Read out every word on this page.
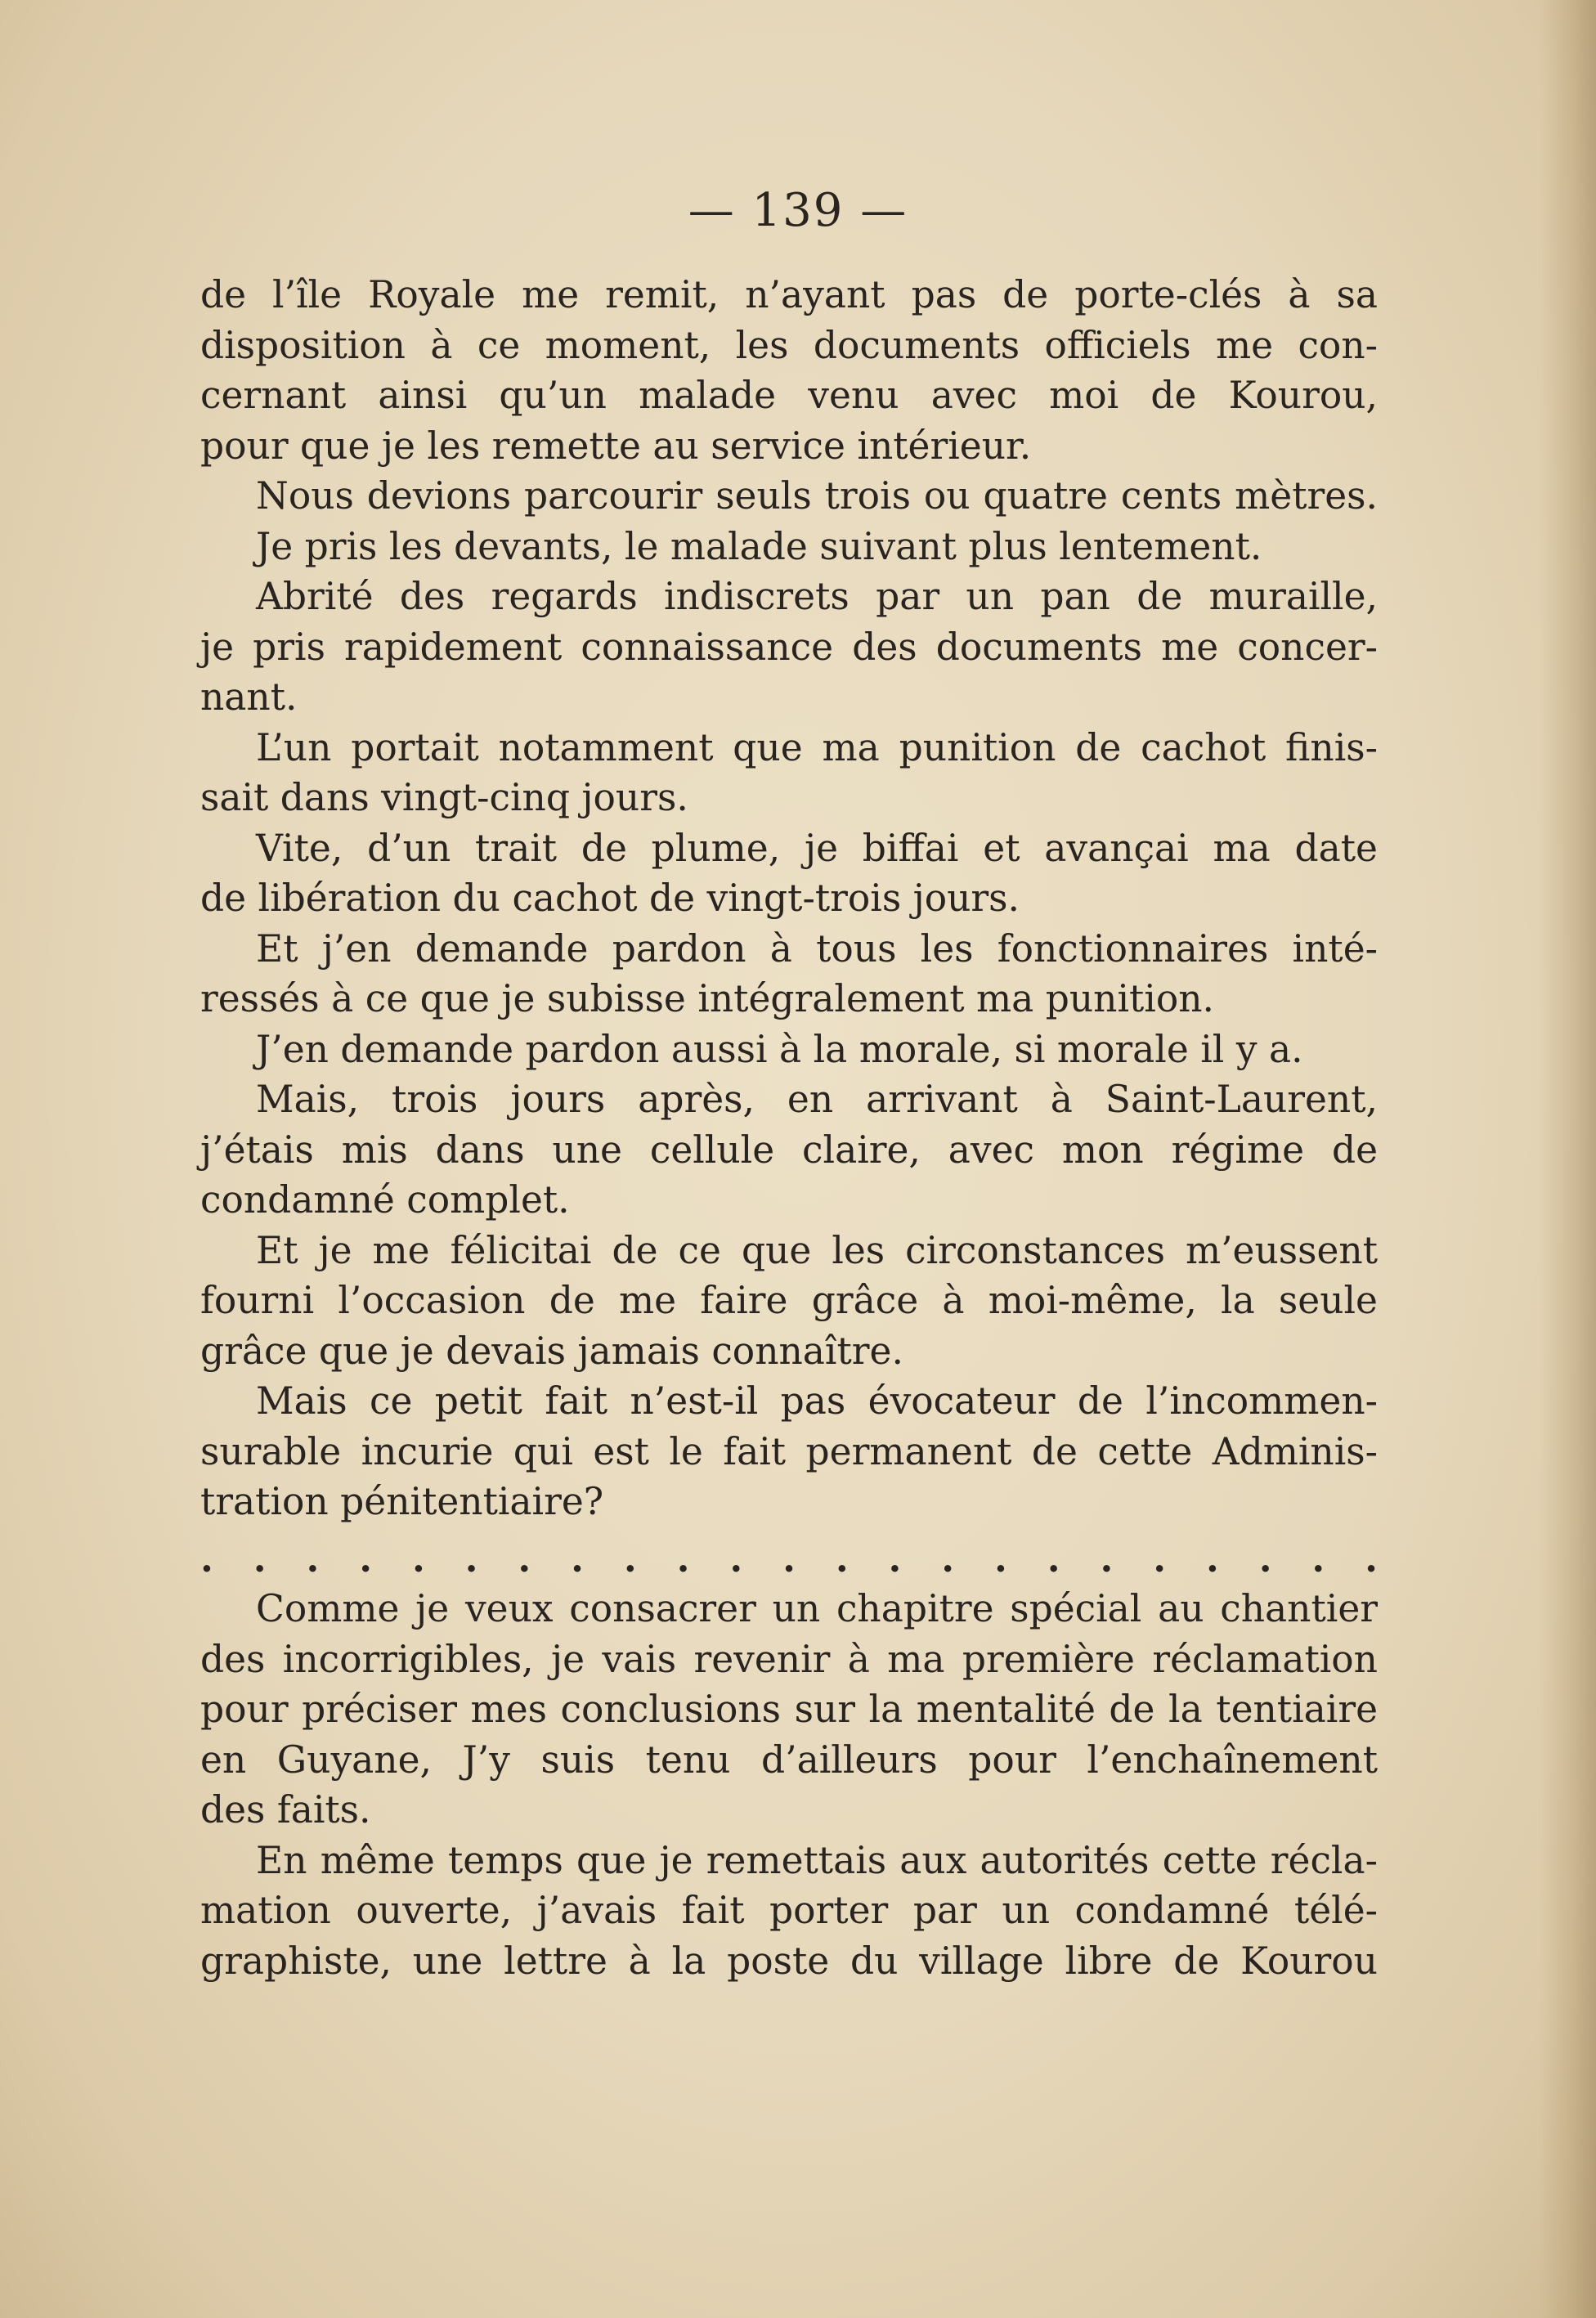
— 139 —
de l’île Royale me remit, n’ayant pas de porte-clés à sa
disposition à ce moment, les documents officiels me con-
cernant ainsi qu’un malade venu avec moi de Kourou,
pour que je les remette au service intérieur.
Nous devions parcourir seuls trois ou quatre cents mètres.
Je pris les devants, le malade suivant plus lentement.
Abrité des regards indiscrets par un pan de muraille,
je pris rapidement connaissance des documents me concer-
nant.
L’un portait notamment que ma punition de cachot finis-
sait dans vingt-cinq jours.
Vite, d’un trait de plume, je biffai et avançai ma date
de libération du cachot de vingt-trois jours.
Et j’en demande pardon à tous les fonctionnaires inté-
ressés à ce que je subisse intégralement ma punition.
J’en demande pardon aussi à la morale, si morale il y a.
Mais, trois jours après, en arrivant à Saint-Laurent,
j’étais mis dans une cellule claire, avec mon régime de
condamné complet.
Et je me félicitai de ce que les circonstances m’eussent
fourni l’occasion de me faire grâce à moi-même, la seule
grâce que je devais jamais connaître.
Mais ce petit fait n’est-il pas évocateur de l’incommen-
surable incurie qui est le fait permanent de cette Adminis-
tration pénitentiaire?
. . . . . . . . . . . . . . . . . . . . . . .
Comme je veux consacrer un chapitre spécial au chantier
des incorrigibles, je vais revenir à ma première réclamation
pour préciser mes conclusions sur la mentalité de la tentiaire
en Guyane, J’y suis tenu d’ailleurs pour l’enchaînement
des faits.
En même temps que je remettais aux autorités cette récla-
mation ouverte, j’avais fait porter par un condamné télé-
graphiste, une lettre à la poste du village libre de Kourou
